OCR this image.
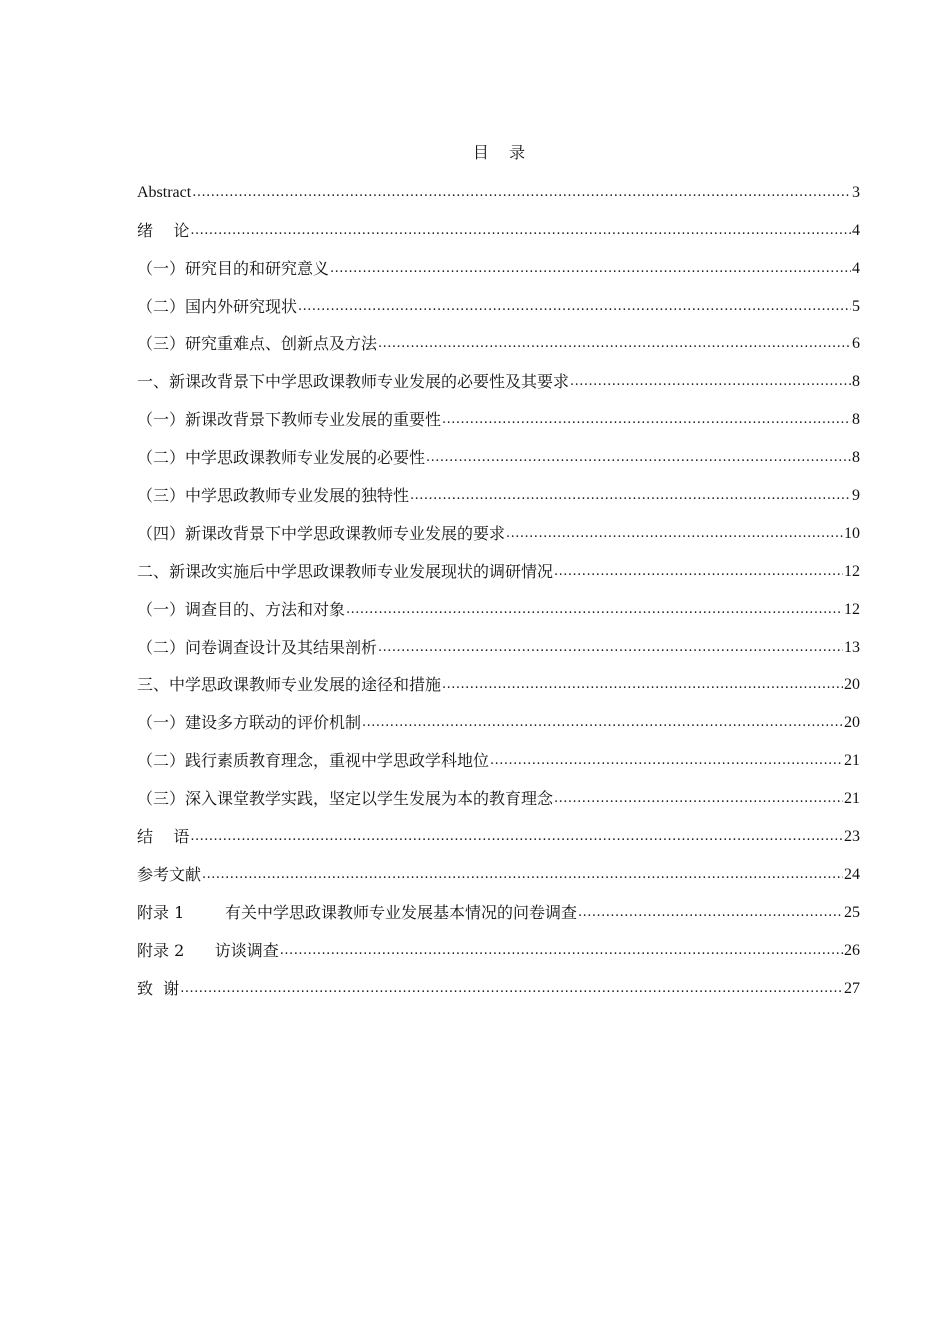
目    录
Abstract .....	3
绪    论 .....	4
（一）研究目的和研究意义 .....	4
（二）国内外研究现状 .....	5
（三）研究重难点、创新点及方法 .....	6
一、新课改背景下中学思政课教师专业发展的必要性及其要求 .....	8
（一）新课改背景下教师专业发展的重要性 .....	8
（二）中学思政课教师专业发展的必要性 .....	8
（三）中学思政教师专业发展的独特性 .....	9
（四）新课改背景下中学思政课教师专业发展的要求 .....	10
二、新课改实施后中学思政课教师专业发展现状的调研情况 .....	12
（一）调查目的、方法和对象 .....	12
（二）问卷调查设计及其结果剖析 .....	13
三、中学思政课教师专业发展的途径和措施 .....	20
（一）建设多方联动的评价机制 .....	20
（二）践行素质教育理念，重视中学思政学科地位 .....	21
（三）深入课堂教学实践，坚定以学生发展为本的教育理念 .....	21
结    语 .....	23
参考文献 .....	24
附录 1        有关中学思政课教师专业发展基本情况的问卷调查 .....	25
附录 2      访谈调查 .....	26
致  谢 .....	27
